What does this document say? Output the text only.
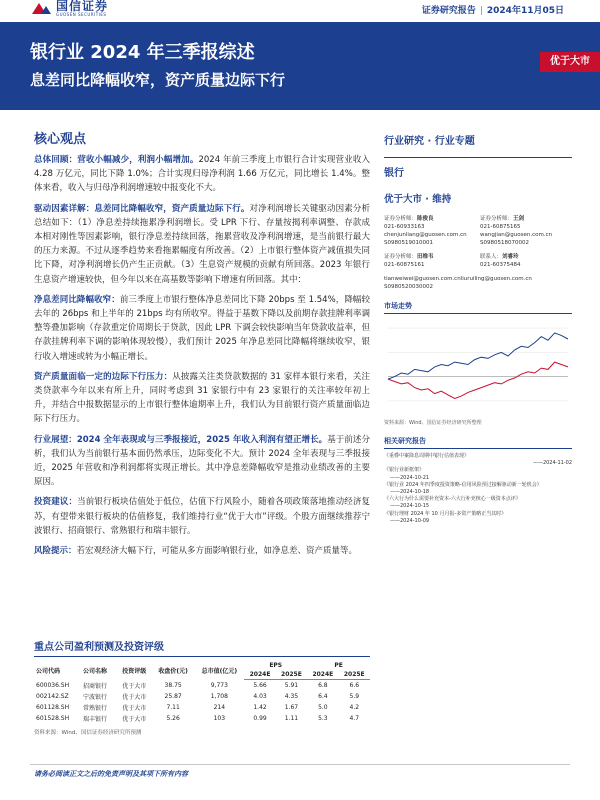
国信证券
GUOSEN SECURITIES	证券研究报告 | 2024年11月05日
银行业 2024 年三季报综述
息差同比降幅收窄，资产质量边际下行
优于大市
核心观点

总体回顾：营收小幅减少，利润小幅增加。2024 年前三季度上市银行合计实现营业收入 4.28 万亿元，同比下降 1.0%；合计实现归母净利润 1.66 万亿元，同比增长 1.4%。整体来看，收入与归母净利润增速较中报变化不大。

驱动因素详解：息差同比降幅收窄，资产质量边际下行。对净利润增长关键驱动因素分析总结如下：（1）净息差持续拖累净利润增长。受 LPR 下行、存量按揭利率调整、存款成本相对刚性等因素影响，银行净息差持续回落，拖累营收及净利润增速，是当前银行最大的压力来源。不过从逐季趋势来看拖累幅度有所改善。（2）上市银行整体资产减值损失同比下降，对净利润增长仍产生正贡献。（3）生息资产规模的贡献有所回落。2023 年银行生息资产增速较快，但今年以来在高基数等影响下增速有所回落。其中：

净息差同比降幅收窄：前三季度上市银行整体净息差同比下降 20bps 至 1.54%，降幅较去年的 26bps 和上半年的 21bps 均有所收窄。得益于基数下降以及前期存款挂牌利率调整等叠加影响（存款重定价周期长于贷款，因此 LPR 下调会较快影响当年贷款收益率，但存款挂牌利率下调的影响体现较慢），我们预计 2025 年净息差同比降幅将继续收窄，银行收入增速或转为小幅正增长。

资产质量面临一定的边际下行压力：从披露关注类贷款数据的 31 家样本银行来看，关注类贷款率今年以来有所上升，同时考虑到 31 家银行中有 23 家银行的关注率较年初上升，并结合中报数据显示的上市银行整体逾期率上升，我们认为目前银行资产质量面临边际下行压力。

行业展望：2024 全年表现或与三季报接近，2025 年收入利润有望正增长。基于前述分析，我们认为当前银行基本面仍然承压，边际变化不大。预计 2024 全年表现与三季报接近，2025 年营收和净利润都将实现正增长。其中净息差降幅收窄是推动业绩改善的主要原因。

投资建议：当前银行板块估值处于低位，估值下行风险小，随着各项政策落地推动经济复苏，有望带来银行板块的估值修复，我们维持行业“优于大市”评级。个股方面继续推荐宁波银行、招商银行、常熟银行和瑞丰银行。

风险提示：若宏观经济大幅下行，可能从多方面影响银行业，如净息差、资产质量等。

重点公司盈利预测及投资评级
公司代码	公司名称	投资评级	收盘价(元)	总市值(亿元)	EPS		PE	
					2024E	2025E	2024E	2025E
600036.SH	招商银行	优于大市	38.75	9,773	5.66	5.91	6.8	6.6
002142.SZ	宁波银行	优于大市	25.87	1,708	4.03	4.35	6.4	5.9
601128.SH	常熟银行	优于大市	7.11	214	1.42	1.67	5.0	4.2
601528.SH	瑞丰银行	优于大市	5.26	103	0.99	1.11	5.3	4.7
资料来源：Wind、国信证券经济研究所预测
行业研究 · 行业专题
银行
优于大市 · 维持
证券分析师：陈俊良
021-60933163
chenjunliang@guosen.com.cn
S0980519010001
证券分析师：王剑
021-60875165
wangjian@guosen.com.cn
S0980518070002
证券分析师：田维韦
021-60875161
联系人：刘睿玲
021-60375484
tianweiwei@guosen.com.cnliuruiling@guosen.com.cn
S0980520030002
市场走势
资料来源：Wind、国信证券经济研究所整理
相关研究报告
《重叠中案降息周期中银行估值表现》
——2024-11-02
《银行业新框架》
——2024-10-21
《银行业 2024 年四季度投资策略-信用风险预过接解驱动新一轮机会》
——2024-10-18
《六大行为什么需要补充资本-六大行补充核心一级资本点评》
——2024-10-15
《银行理财 2024 年 10 月月报-多资产策略正当其时》
——2024-10-09
请务必阅读正文之后的免责声明及其项下所有内容
